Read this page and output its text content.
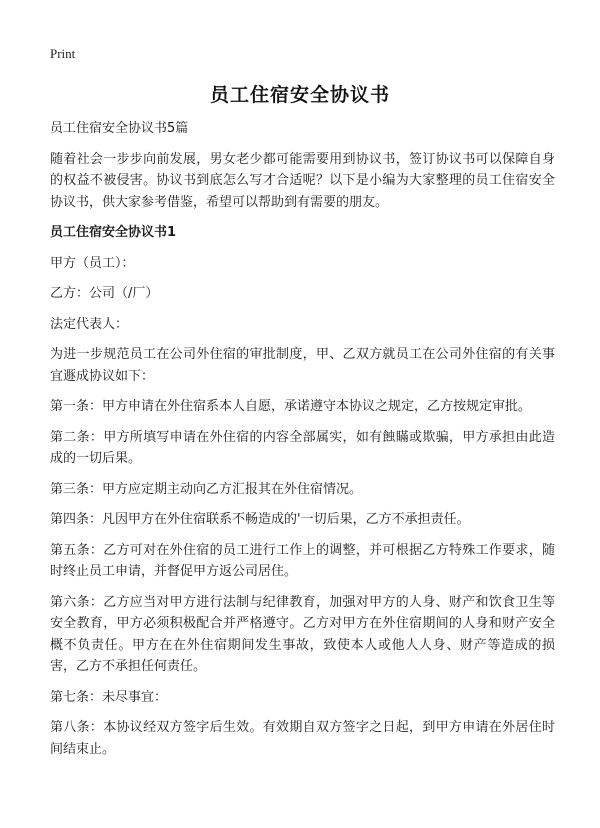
Print
员工住宿安全协议书

员工住宿安全协议书5篇

随着社会一步步向前发展，男女老少都可能需要用到协议书，签订协议书可以保障自身的权益不被侵害。协议书到底怎么写才合适呢？以下是小编为大家整理的员工住宿安全协议书，供大家参考借鉴，希望可以帮助到有需要的朋友。

员工住宿安全协议书1

甲方（员工）：

乙方：公司（/厂）

法定代表人：

为进一步规范员工在公司外住宿的审批制度，甲、乙双方就员工在公司外住宿的有关事宜遯成协议如下：

第一条：甲方申请在外住宿系本人自愿，承诺遵守本协议之规定，乙方按规定审批。

第二条：甲方所填写申请在外住宿的内容全部属实，如有蝕瞞或欺骗，甲方承担由此造成的一切后果。

第三条：甲方应定期主动向乙方汇报其在外住宿情况。

第四条：凡因甲方在外住宿联系不畅造成的'一切后果，乙方不承担责任。

第五条：乙方可对在外住宿的员工进行工作上的调整，并可根据乙方特殊工作要求，随时终止员工申请，并督促甲方返公司居住。

第六条：乙方应当对甲方进行法制与纪律教育，加强对甲方的人身、财产和饮食卫生等安全教育，甲方必须积极配合并严格遵守。乙方对甲方在外住宿期间的人身和财产安全概不负责任。甲方在在外住宿期间发生事故，致使本人或他人人身、财产等造成的损害，乙方不承担任何责任。

第七条：未尽事宜：

第八条：本协议经双方签字后生效。有效期自双方签字之日起，到甲方申请在外居住时间结束止。
